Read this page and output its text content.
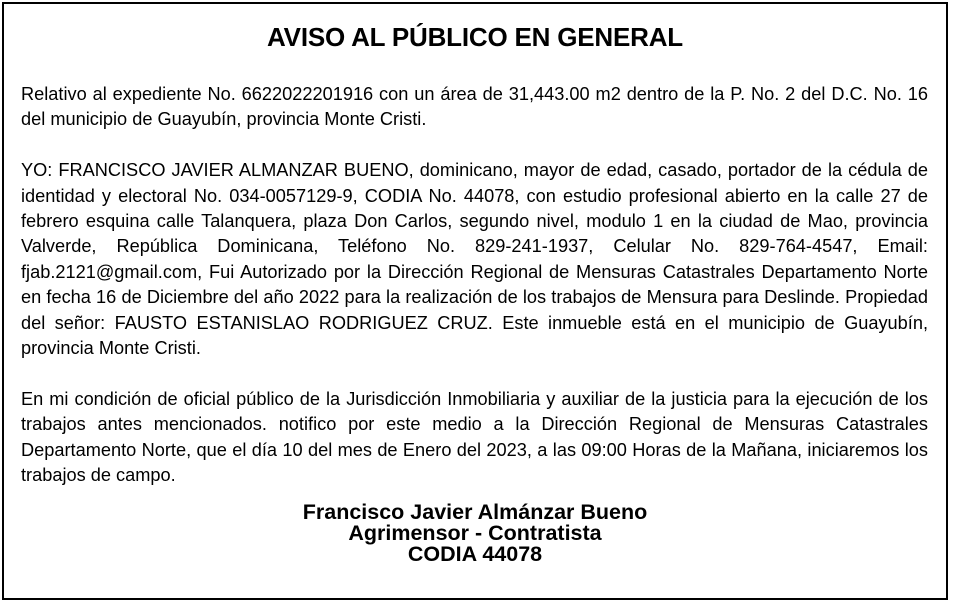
AVISO AL PÚBLICO EN GENERAL

Relativo al expediente No. 6622022201916 con un área de 31,443.00 m2 dentro de la P. No. 2 del D.C. No. 16 del municipio de Guayubín, provincia Monte Cristi.

YO: FRANCISCO JAVIER ALMANZAR BUENO, dominicano, mayor de edad, casado, portador de la cédula de identidad y electoral No. 034-0057129-9, CODIA No. 44078, con estudio profesional abierto en la calle 27 de febrero esquina calle Talanquera, plaza Don Carlos, segundo nivel, modulo 1 en la ciudad de Mao, provincia Valverde, República Dominicana, Teléfono No. 829-241-1937, Celular No. 829-764-4547, Email: fjab.2121@gmail.com, Fui Autorizado por la Dirección Regional de Mensuras Catastrales Departamento Norte en fecha 16 de Diciembre del año 2022 para la realización de los trabajos de Mensura para Deslinde. Propiedad del señor: FAUSTO ESTANISLAO RODRIGUEZ CRUZ. Este inmueble está en el municipio de Guayubín, provincia Monte Cristi.

En mi condición de oficial público de la Jurisdicción Inmobiliaria y auxiliar de la justicia para la ejecución de los trabajos antes mencionados. notifico por este medio a la Dirección Regional de Mensuras Catastrales Departamento Norte, que el día 10 del mes de Enero del 2023, a las 09:00 Horas de la Mañana, iniciaremos los trabajos de campo.

Francisco Javier Almánzar Bueno
Agrimensor - Contratista
CODIA 44078
